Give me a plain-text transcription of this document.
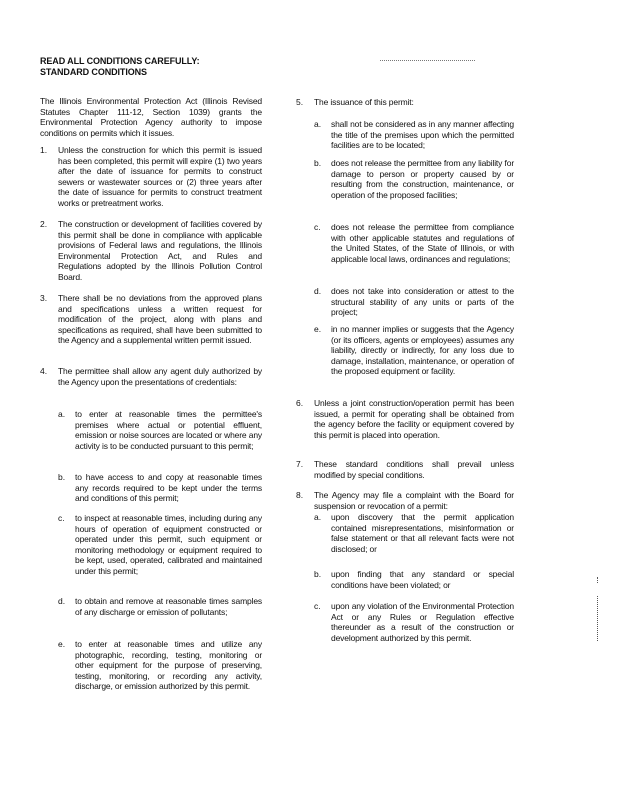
READ ALL CONDITIONS CAREFULLY:
STANDARD CONDITIONS
The Illinois Environmental Protection Act (Illinois Revised Statutes Chapter 111-12, Section 1039) grants the Environmental Protection Agency authority to impose conditions on permits which it issues.
1. Unless the construction for which this permit is issued has been completed, this permit will expire (1) two years after the date of issuance for permits to construct sewers or wastewater sources or (2) three years after the date of issuance for permits to construct treatment works or pretreatment works.
2. The construction or development of facilities covered by this permit shall be done in compliance with applicable provisions of Federal laws and regulations, the Illinois Environmental Protection Act, and Rules and Regulations adopted by the Illinois Pollution Control Board.
3. There shall be no deviations from the approved plans and specifications unless a written request for modification of the project, along with plans and specifications as required, shall have been submitted to the Agency and a supplemental written permit issued.
4. The permittee shall allow any agent duly authorized by the Agency upon the presentations of credentials:
a. to enter at reasonable times the permittee's premises where actual or potential effluent, emission or noise sources are located or where any activity is to be conducted pursuant to this permit;
b. to have access to and copy at reasonable times any records required to be kept under the terms and conditions of this permit;
c. to inspect at reasonable times, including during any hours of operation of equipment constructed or operated under this permit, such equipment or monitoring methodology or equipment required to be kept, used, operated, calibrated and maintained under this permit;
d. to obtain and remove at reasonable times samples of any discharge or emission of pollutants;
e. to enter at reasonable times and utilize any photographic, recording, testing, monitoring or other equipment for the purpose of preserving, testing, monitoring, or recording any activity, discharge, or emission authorized by this permit.
5. The issuance of this permit:
a. shall not be considered as in any manner affecting the title of the premises upon which the permitted facilities are to be located;
b. does not release the permittee from any liability for damage to person or property caused by or resulting from the construction, maintenance, or operation of the proposed facilities;
c. does not release the permittee from compliance with other applicable statutes and regulations of the United States, of the State of Illinois, or with applicable local laws, ordinances and regulations;
d. does not take into consideration or attest to the structural stability of any units or parts of the project;
e. in no manner implies or suggests that the Agency (or its officers, agents or employees) assumes any liability, directly or indirectly, for any loss due to damage, installation, maintenance, or operation of the proposed equipment or facility.
6. Unless a joint construction/operation permit has been issued, a permit for operating shall be obtained from the agency before the facility or equipment covered by this permit is placed into operation.
7. These standard conditions shall prevail unless modified by special conditions.
8. The Agency may file a complaint with the Board for suspension or revocation of a permit:
a. upon discovery that the permit application contained misrepresentations, misinformation or false statement or that all relevant facts were not disclosed; or
b. upon finding that any standard or special conditions have been violated; or
c. upon any violation of the Environmental Protection Act or any Rules or Regulation effective thereunder as a result of the construction or development authorized by this permit.
